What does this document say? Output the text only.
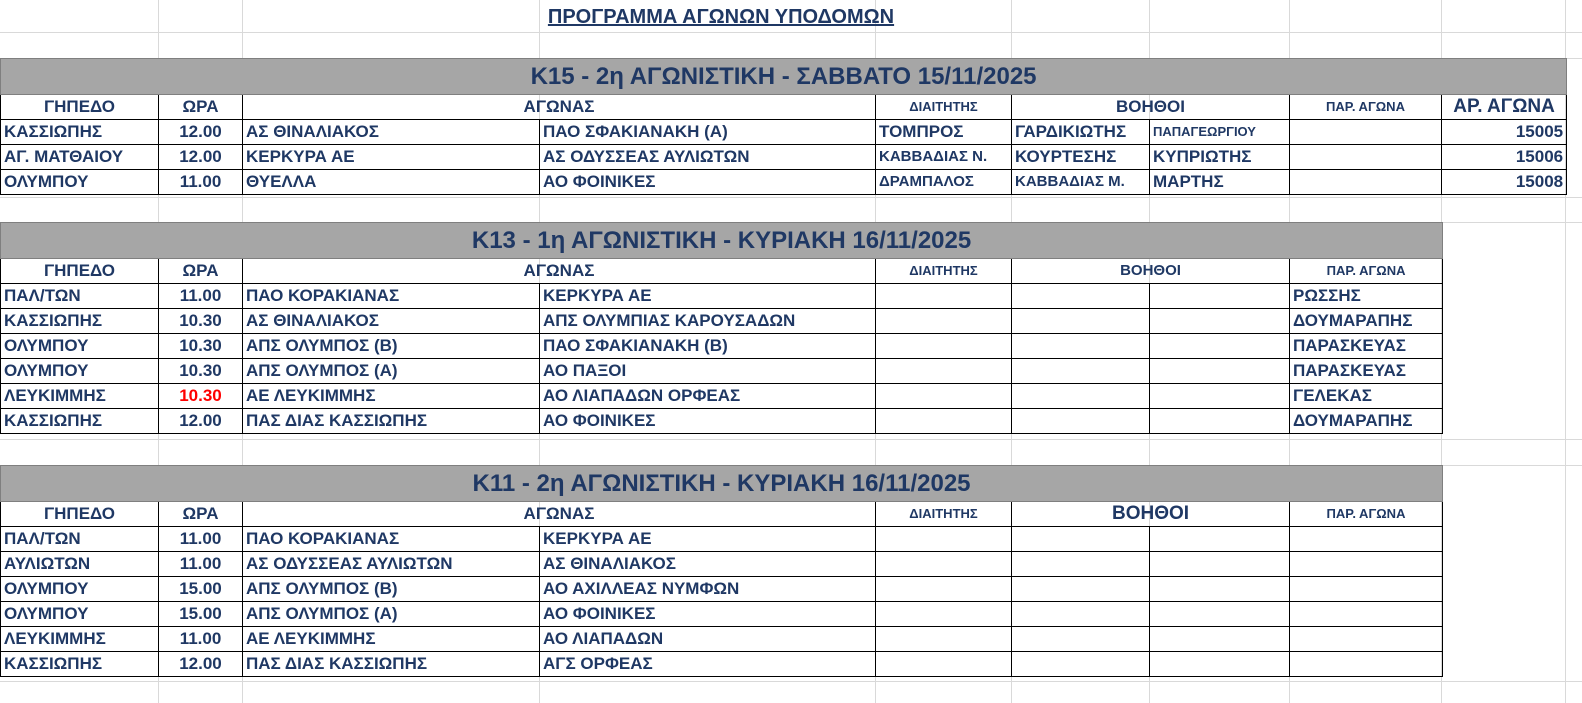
ΠΡΟΓΡΑΜΜΑ ΑΓΩΝΩΝ ΥΠΟΔΟΜΩΝ
Κ15 - 2η ΑΓΩΝΙΣΤΙΚΗ - ΣΑΒΒΑΤΟ 15/11/2025								
ΓΗΠΕΔΟ	ΩΡΑ	ΑΓΩΝΑΣ		ΔΙΑΙΤΗΤΗΣ	ΒΟΗΘΟΙ		ΠΑΡ. ΑΓΩΝΑ	ΑΡ. ΑΓΩΝΑ
ΚΑΣΣΙΩΠΗΣ	12.00	ΑΣ ΘΙΝΑΛΙΑΚΟΣ	ΠΑΟ ΣΦΑΚΙΑΝΑΚΗ (Α)	ΤΟΜΠΡΟΣ	ΓΑΡΔΙΚΙΩΤΗΣ	ΠΑΠΑΓΕΩΡΓΙΟΥ		15005
ΑΓ. ΜΑΤΘΑΙΟΥ	12.00	ΚΕΡΚΥΡΑ ΑΕ	ΑΣ ΟΔΥΣΣΕΑΣ ΑΥΛΙΩΤΩΝ	ΚΑΒΒΑΔΙΑΣ Ν.	ΚΟΥΡΤΕΣΗΣ	ΚΥΠΡΙΩΤΗΣ		15006
ΟΛΥΜΠΟΥ	11.00	ΘΥΕΛΛΑ	ΑΟ ΦΟΙΝΙΚΕΣ	ΔΡΑΜΠΑΛΟΣ	ΚΑΒΒΑΔΙΑΣ Μ.	ΜΑΡΤΗΣ		15008
Κ13 - 1η ΑΓΩΝΙΣΤΙΚΗ - ΚΥΡΙΑΚΗ 16/11/2025							
ΓΗΠΕΔΟ	ΩΡΑ	ΑΓΩΝΑΣ		ΔΙΑΙΤΗΤΗΣ	ΒΟΗΘΟΙ		ΠΑΡ. ΑΓΩΝΑ
ΠΑΛ/ΤΩΝ	11.00	ΠΑΟ ΚΟΡΑΚΙΑΝΑΣ	ΚΕΡΚΥΡΑ ΑΕ				ΡΩΣΣΗΣ
ΚΑΣΣΙΩΠΗΣ	10.30	ΑΣ ΘΙΝΑΛΙΑΚΟΣ	ΑΠΣ ΟΛΥΜΠΙΑΣ ΚΑΡΟΥΣΑΔΩΝ				ΔΟΥΜΑΡΑΠΗΣ
ΟΛΥΜΠΟΥ	10.30	ΑΠΣ ΟΛΥΜΠΟΣ (Β)	ΠΑΟ ΣΦΑΚΙΑΝΑΚΗ (Β)				ΠΑΡΑΣΚΕΥΑΣ
ΟΛΥΜΠΟΥ	10.30	ΑΠΣ ΟΛΥΜΠΟΣ (Α)	ΑΟ ΠΑΞΟΙ				ΠΑΡΑΣΚΕΥΑΣ
ΛΕΥΚΙΜΜΗΣ	10.30	ΑΕ ΛΕΥΚΙΜΜΗΣ	ΑΟ ΛΙΑΠΑΔΩΝ ΟΡΦΕΑΣ				ΓΕΛΕΚΑΣ
ΚΑΣΣΙΩΠΗΣ	12.00	ΠΑΣ ΔΙΑΣ ΚΑΣΣΙΩΠΗΣ	ΑΟ ΦΟΙΝΙΚΕΣ				ΔΟΥΜΑΡΑΠΗΣ
Κ11 - 2η ΑΓΩΝΙΣΤΙΚΗ - ΚΥΡΙΑΚΗ 16/11/2025							
ΓΗΠΕΔΟ	ΩΡΑ	ΑΓΩΝΑΣ		ΔΙΑΙΤΗΤΗΣ	ΒΟΗΘΟΙ		ΠΑΡ. ΑΓΩΝΑ
ΠΑΛ/ΤΩΝ	11.00	ΠΑΟ ΚΟΡΑΚΙΑΝΑΣ	ΚΕΡΚΥΡΑ ΑΕ				
ΑΥΛΙΩΤΩΝ	11.00	ΑΣ ΟΔΥΣΣΕΑΣ ΑΥΛΙΩΤΩΝ	ΑΣ ΘΙΝΑΛΙΑΚΟΣ				
ΟΛΥΜΠΟΥ	15.00	ΑΠΣ ΟΛΥΜΠΟΣ (Β)	ΑΟ ΑΧΙΛΛΕΑΣ ΝΥΜΦΩΝ				
ΟΛΥΜΠΟΥ	15.00	ΑΠΣ ΟΛΥΜΠΟΣ (Α)	ΑΟ ΦΟΙΝΙΚΕΣ				
ΛΕΥΚΙΜΜΗΣ	11.00	ΑΕ ΛΕΥΚΙΜΜΗΣ	ΑΟ ΛΙΑΠΑΔΩΝ				
ΚΑΣΣΙΩΠΗΣ	12.00	ΠΑΣ ΔΙΑΣ ΚΑΣΣΙΩΠΗΣ	ΑΓΣ ΟΡΦΕΑΣ				
